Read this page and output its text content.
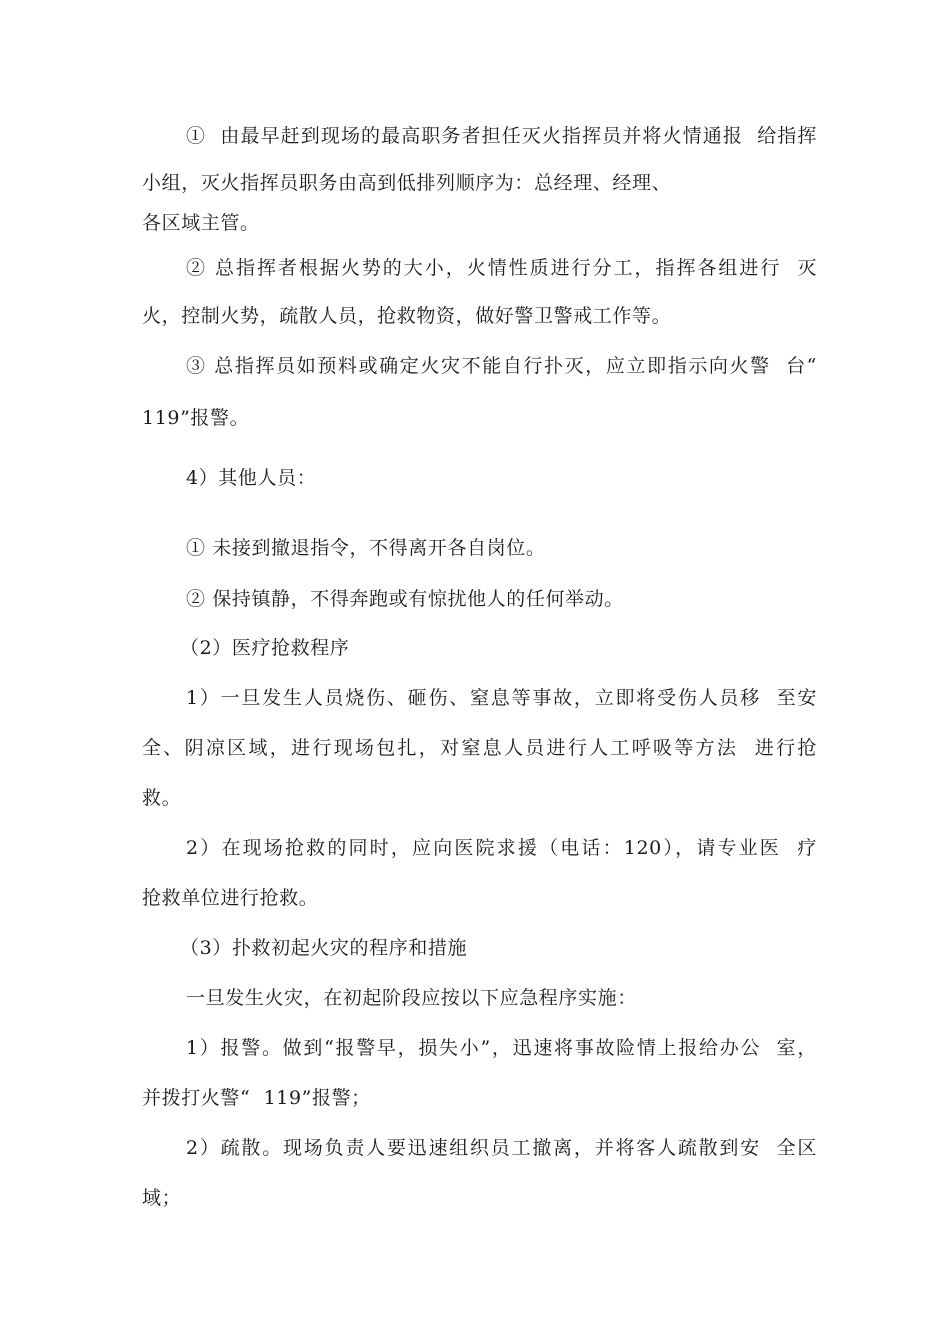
①  由最早赶到现场的最高职务者担任灭火指挥员并将火情通报  给指挥
小组，灭火指挥员职务由高到低排列顺序为：总经理、经理、
各区域主管。
② 总指挥者根据火势的大小，火情性质进行分工，指挥各组进行  灭
火，控制火势，疏散人员，抢救物资，做好警卫警戒工作等。
③ 总指挥员如预料或确定火灾不能自行扑灭，应立即指示向火警  台“
119”报警。
4）其他人员：
① 未接到撤退指令，不得离开各自岗位。
② 保持镇静，不得奔跑或有惊扰他人的任何举动。
（2）医疗抢救程序
1）一旦发生人员烧伤、砸伤、窒息等事故，立即将受伤人员移  至安
全、阴凉区域，进行现场包扎，对窒息人员进行人工呼吸等方法  进行抢
救。
2）在现场抢救的同时，应向医院求援（电话：120），请专业医  疗
抢救单位进行抢救。
（3）扑救初起火灾的程序和措施
一旦发生火灾，在初起阶段应按以下应急程序实施：
1）报警。做到“报警早，损失小”，迅速将事故险情上报给办公  室，
并拨打火警“  119”报警；
2）疏散。现场负责人要迅速组织员工撤离，并将客人疏散到安  全区
域；
